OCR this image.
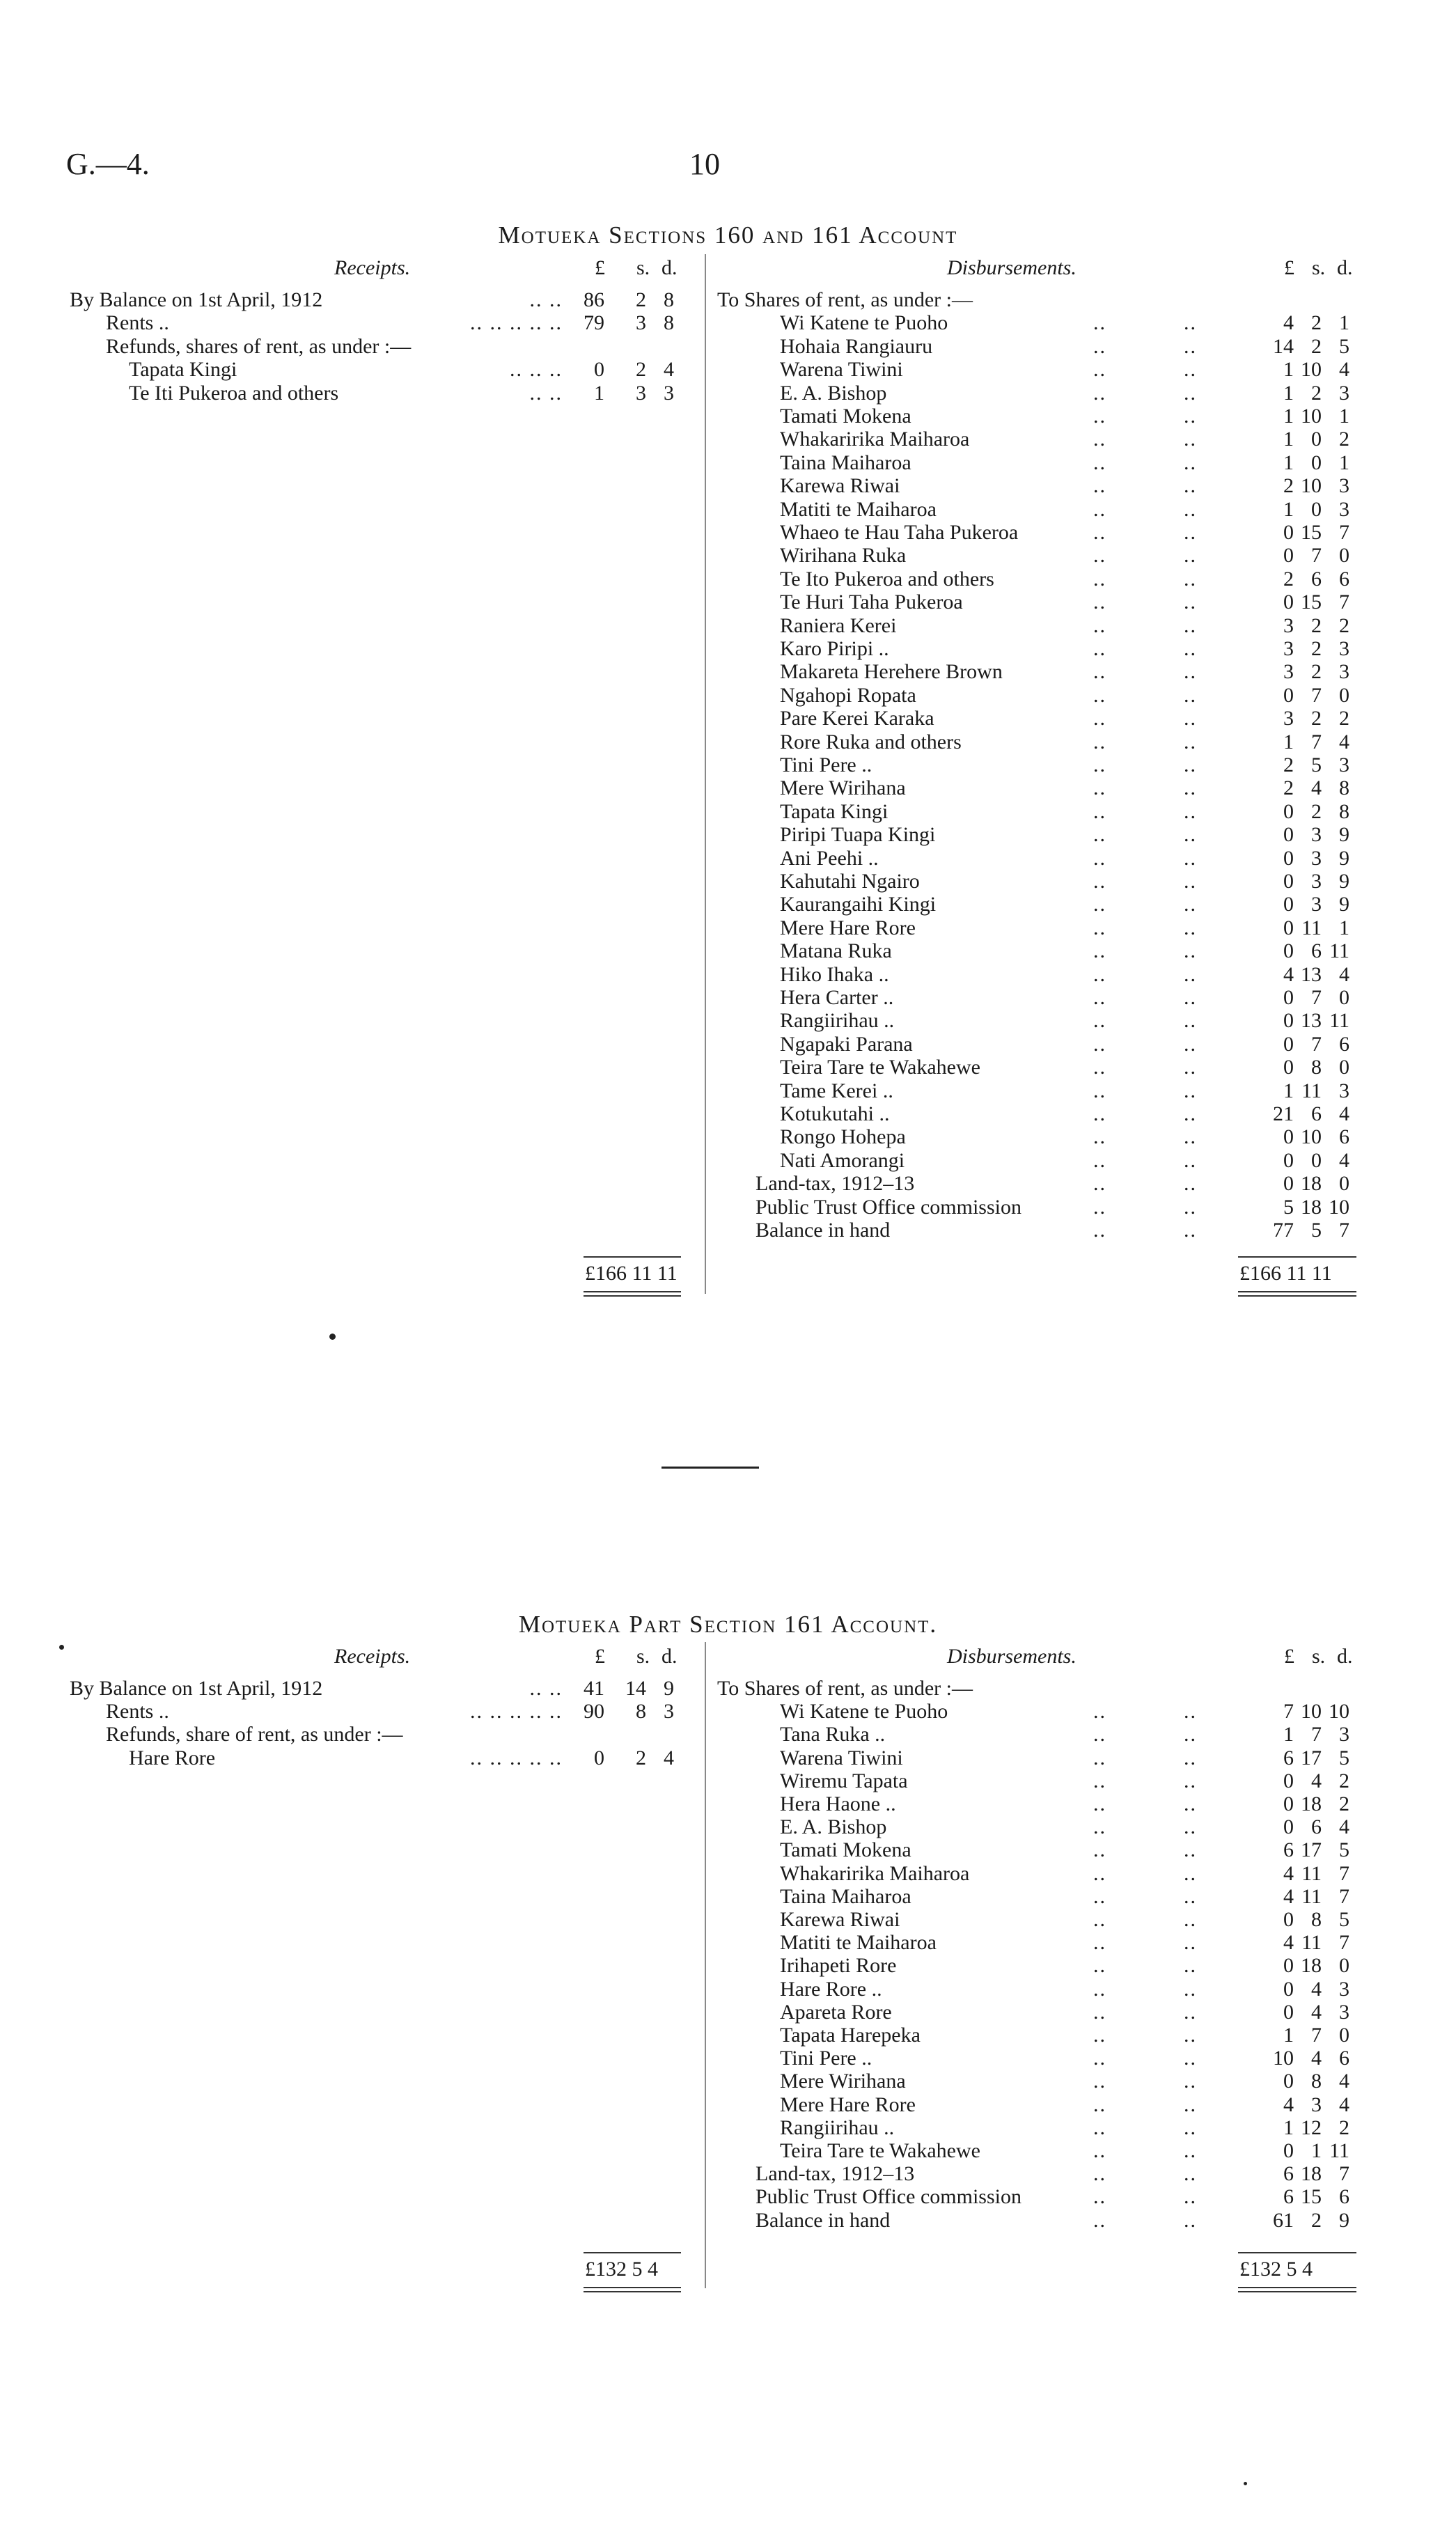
G.—4.	10
Motueka Sections 160 and 161 Account
Receipts.	Disbursements.
£	£
s.	s.
d.	d.
By Balance on 1st April, 1912	.. .. 86 2 8
Rents ..	.. .. .. .. .. 79 3 8
Refunds, shares of rent, as under :—
Tapata Kingi	.. .. .. 0 2 4
Te Iti Pukeroa and others	.. .. 1 3 3
To Shares of rent, as under :—
Wi Katene te Puoho	..	..	4 2 1
Hohaia Rangiauru	..	..	14 2 5
Warena Tiwini	..	..	1 10 4
E. A. Bishop	..	..	1 2 3
Tamati Mokena	..	..	1 10 1
Whakaririka Maiharoa	..	..	1 0 2
Taina Maiharoa	..	..	1 0 1
Karewa Riwai	..	..	2 10 3
Matiti te Maiharoa	..	..	1 0 3
Whaeo te Hau Taha Pukeroa	..	..	0 15 7
Wirihana Ruka	..	..	0 7 0
Te Ito Pukeroa and others	..	..	2 6 6
Te Huri Taha Pukeroa	..	..	0 15 7
Raniera Kerei	..	..	3 2 2
Karo Piripi ..	..	..	3 2 3
Makareta Herehere Brown	..	..	3 2 3
Ngahopi Ropata	..	..	0 7 0
Pare Kerei Karaka	..	..	3 2 2
Rore Ruka and others	..	..	1 7 4
Tini Pere ..	..	..	2 5 3
Mere Wirihana	..	..	2 4 8
Tapata Kingi	..	..	0 2 8
Piripi Tuapa Kingi	..	..	0 3 9
Ani Peehi ..	..	..	0 3 9
Kahutahi Ngairo	..	..	0 3 9
Kaurangaihi Kingi	..	..	0 3 9
Mere Hare Rore	..	..	0 11 1
Matana Ruka	..	..	0 6 11
Hiko Ihaka ..	..	..	4 13 4
Hera Carter ..	..	..	0 7 0
Rangiirihau ..	..	..	0 13 11
Ngapaki Parana	..	..	0 7 6
Teira Tare te Wakahewe	..	..	0 8 0
Tame Kerei ..	..	..	1 11 3
Kotukutahi ..	..	..	21 6 4
Rongo Hohepa	..	..	0 10 6
Nati Amorangi	..	..	0 0 4
Land-tax, 1912–13	..	..	0 18 0
Public Trust Office commission	..	..	5 18 10
Balance in hand	..	..	77 5 7
£166 11 11	£166 11 11
Motueka Part Section 161 Account.
Receipts.	Disbursements.
£	£
s.	s.
d.	d.
By Balance on 1st April, 1912	.. .. 41 14 9
Rents ..	.. .. .. .. .. 90 8 3
Refunds, share of rent, as under :—
Hare Rore	.. .. .. .. .. 0 2 4
To Shares of rent, as under :—
Wi Katene te Puoho	..	..	7 10 10
Tana Ruka ..	..	..	1 7 3
Warena Tiwini	..	..	6 17 5
Wiremu Tapata	..	..	0 4 2
Hera Haone ..	..	..	0 18 2
E. A. Bishop	..	..	0 6 4
Tamati Mokena	..	..	6 17 5
Whakaririka Maiharoa	..	..	4 11 7
Taina Maiharoa	..	..	4 11 7
Karewa Riwai	..	..	0 8 5
Matiti te Maiharoa	..	..	4 11 7
Irihapeti Rore	..	..	0 18 0
Hare Rore ..	..	..	0 4 3
Apareta Rore	..	..	0 4 3
Tapata Harepeka	..	..	1 7 0
Tini Pere ..	..	..	10 4 6
Mere Wirihana	..	..	0 8 4
Mere Hare Rore	..	..	4 3 4
Rangiirihau ..	..	..	1 12 2
Teira Tare te Wakahewe	..	..	0 1 11
Land-tax, 1912–13	..	..	6 18 7
Public Trust Office commission	..	..	6 15 6
Balance in hand	..	..	61 2 9
£132 5 4	£132 5 4
